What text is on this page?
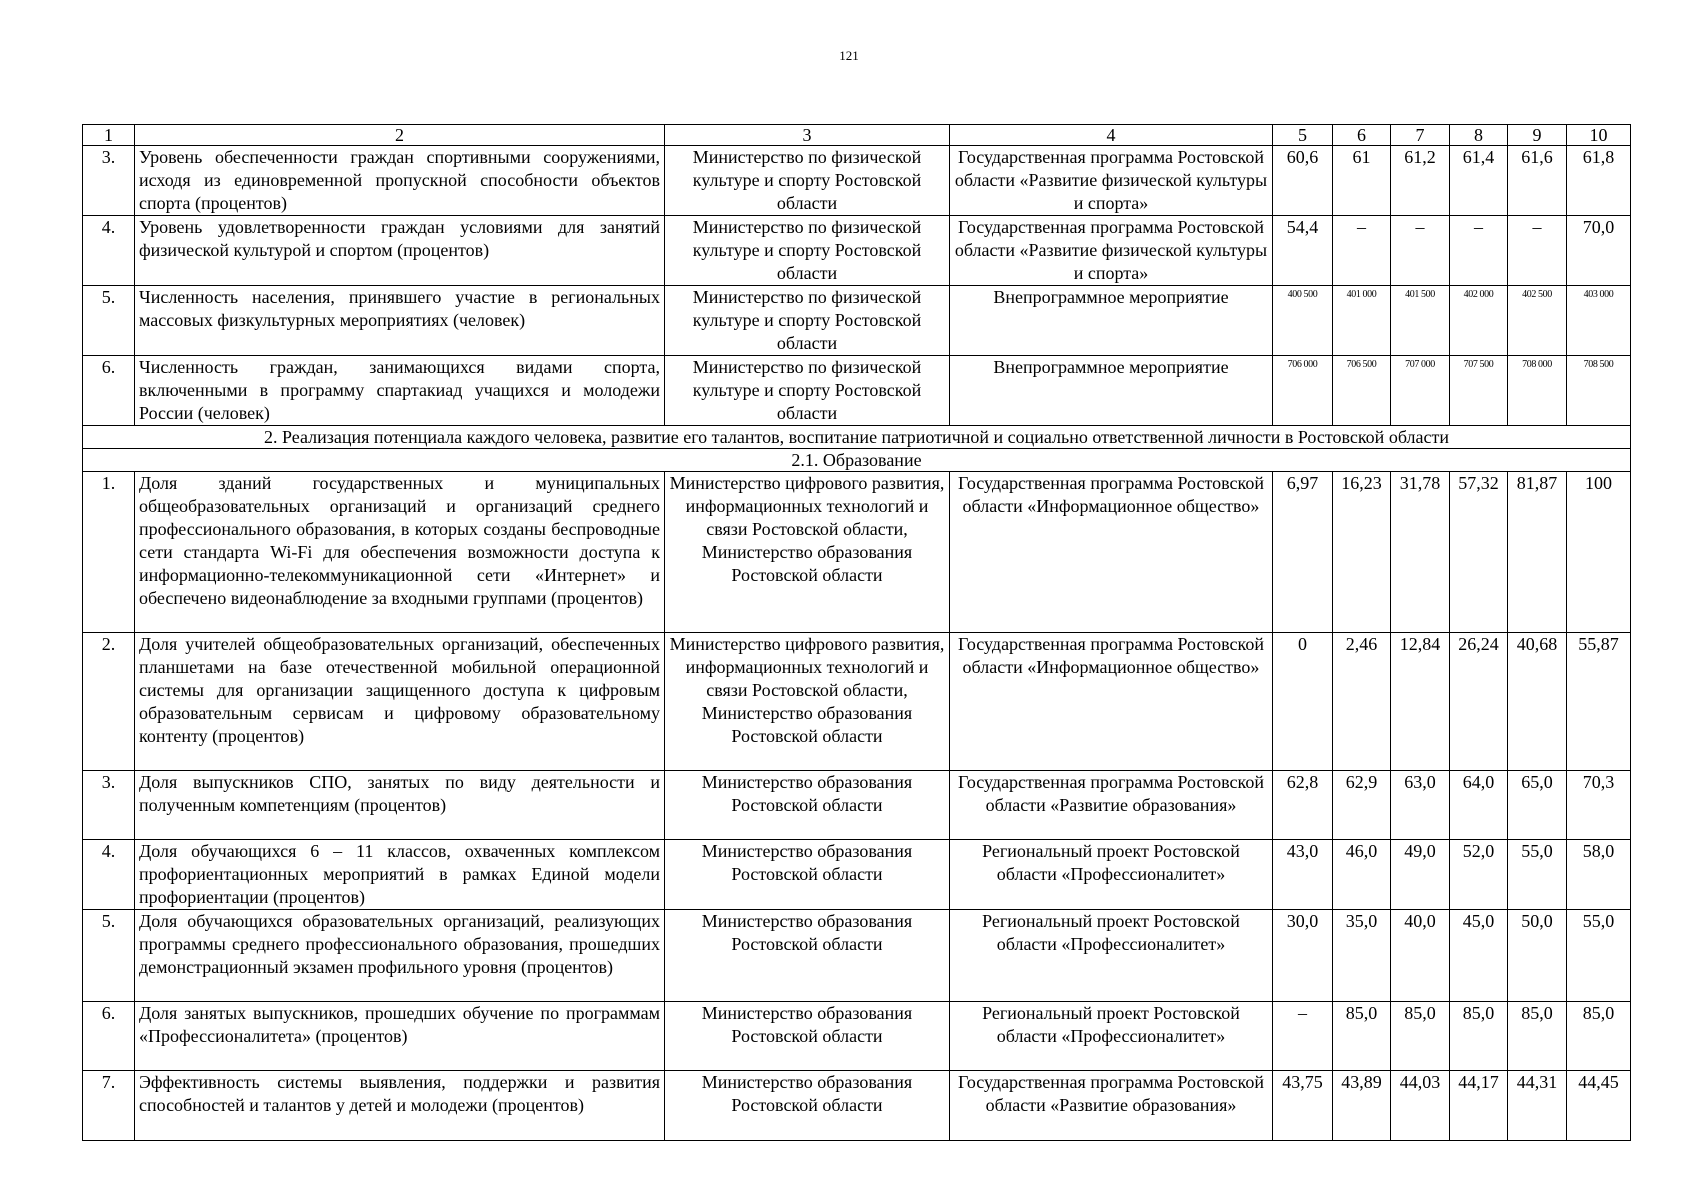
121
1	2	3	4	5	6	7	8	9	10
3.	Уровень обеспеченности граждан спортивными сооружениями, исходя из единовременной пропускной способности объектов спорта (процентов)	Министерство по физической культуре и спорту Ростовской области	Государственная программа Ростовской области «Развитие физической культуры и спорта»	60,6	61	61,2	61,4	61,6	61,8
4.	Уровень удовлетворенности граждан условиями для занятий физической культурой и спортом (процентов)	Министерство по физической культуре и спорту Ростовской области	Государственная программа Ростовской области «Развитие физической культуры и спорта»	54,4	–	–	–	–	70,0
5.	Численность населения, принявшего участие в региональных массовых физкультурных мероприятиях (человек)	Министерство по физической культуре и спорту Ростовской области	Внепрограммное мероприятие	400 500	401 000	401 500	402 000	402 500	403 000
6.	Численность граждан, занимающихся видами спорта, включенными в программу спартакиад учащихся и молодежи России (человек)	Министерство по физической культуре и спорту Ростовской области	Внепрограммное мероприятие	706 000	706 500	707 000	707 500	708 000	708 500
2. Реализация потенциала каждого человека, развитие его талантов, воспитание патриотичной и социально ответственной личности в Ростовской области									
2.1. Образование									
1.	Доля зданий государственных и муниципальных общеобразовательных организаций и организаций среднего профессионального образования, в которых созданы беспроводные сети стандарта Wi-Fi для обеспечения возможности доступа к информационно-телекоммуникационной сети «Интернет» и обеспечено видеонаблюдение за входными группами (процентов)	Министерство цифрового развития, информационных технологий и связи Ростовской области, Министерство образования Ростовской области	Государственная программа Ростовской области «Информационное общество»	6,97	16,23	31,78	57,32	81,87	100
2.	Доля учителей общеобразовательных организаций, обеспеченных планшетами на базе отечественной мобильной операционной системы для организации защищенного доступа к цифровым образовательным сервисам и цифровому образовательному контенту (процентов)	Министерство цифрового развития, информационных технологий и связи Ростовской области, Министерство образования Ростовской области	Государственная программа Ростовской области «Информационное общество»	0	2,46	12,84	26,24	40,68	55,87
3.	Доля выпускников СПО, занятых по виду деятельности и полученным компетенциям (процентов)	Министерство образования Ростовской области	Государственная программа Ростовской области «Развитие образования»	62,8	62,9	63,0	64,0	65,0	70,3
4.	Доля обучающихся 6 – 11 классов, охваченных комплексом профориентационных мероприятий в рамках Единой модели профориентации (процентов)	Министерство образования Ростовской области	Региональный проект Ростовской области «Профессионалитет»	43,0	46,0	49,0	52,0	55,0	58,0
5.	Доля обучающихся образовательных организаций, реализующих программы среднего профессионального образования, прошедших демонстрационный экзамен профильного уровня (процентов)	Министерство образования Ростовской области	Региональный проект Ростовской области «Профессионалитет»	30,0	35,0	40,0	45,0	50,0	55,0
6.	Доля занятых выпускников, прошедших обучение по программам «Профессионалитета» (процентов)	Министерство образования Ростовской области	Региональный проект Ростовской области «Профессионалитет»	–	85,0	85,0	85,0	85,0	85,0
7.	Эффективность системы выявления, поддержки и развития способностей и талантов у детей и молодежи (процентов)	Министерство образования Ростовской области	Государственная программа Ростовской области «Развитие образования»	43,75	43,89	44,03	44,17	44,31	44,45
